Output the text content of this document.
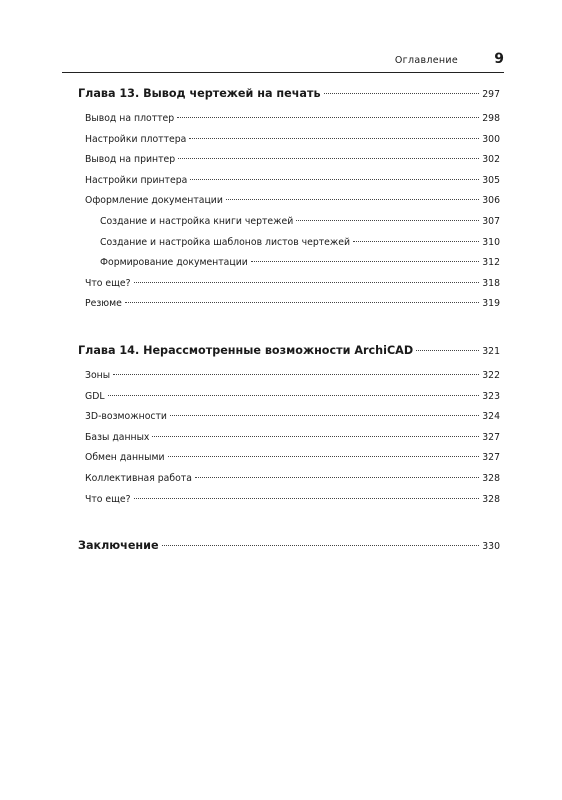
Оглавление	9
Глава 13. Вывод чертежей на печать	297
Вывод на плоттер	298
Настройки плоттера	300
Вывод на принтер	302
Настройки принтера	305
Оформление документации	306
Создание и настройка книги чертежей	307
Создание и настройка шаблонов листов чертежей	310
Формирование документации	312
Что еще?	318
Резюме	319
Глава 14. Нерассмотренные возможности ArchiCAD	321
Зоны	322
GDL	323
3D-возможности	324
Базы данных	327
Обмен данными	327
Коллективная работа	328
Что еще?	328
Заключение	330
